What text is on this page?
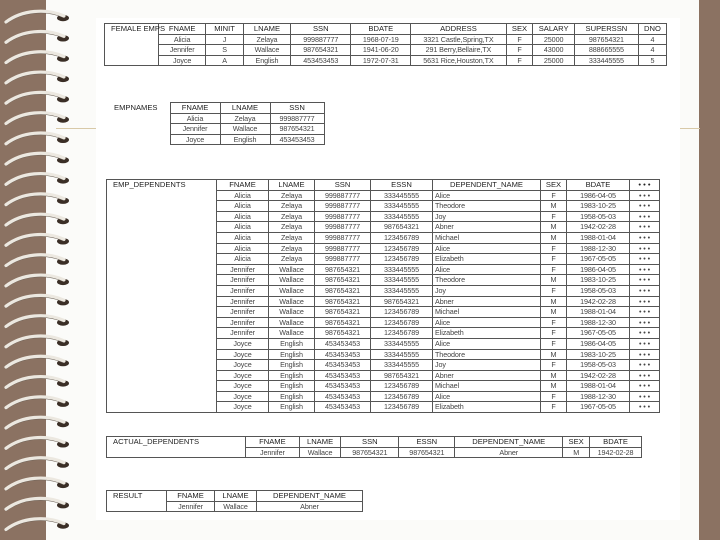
FEMALE EMPS	FNAME	MINIT	LNAME	SSN	BDATE	ADDRESS	SEX	SALARY	SUPERSSN	DNO
	Alicia	J	Zelaya	999887777	1968-07-19	3321 Castle,Spring,TX	F	25000	987654321	4
	Jennifer	S	Wallace	987654321	1941-06-20	291 Berry,Bellaire,TX	F	43000	888665555	4
	Joyce	A	English	453453453	1972-07-31	5631 Rice,Houston,TX	F	25000	333445555	5
EMPNAMES	FNAME	LNAME	SSN
	Alicia	Zelaya	999887777
	Jennifer	Wallace	987654321
	Joyce	English	453453453
EMP_DEPENDENTS	FNAME	LNAME	SSN	ESSN	DEPENDENT_NAME	SEX	BDATE	• • •
	Alicia	Zelaya	999887777	333445555	Alice	F	1986-04-05	• • •
	Alicia	Zelaya	999887777	333445555	Theodore	M	1983-10-25	• • •
	Alicia	Zelaya	999887777	333445555	Joy	F	1958-05-03	• • •
	Alicia	Zelaya	999887777	987654321	Abner	M	1942-02-28	• • •
	Alicia	Zelaya	999887777	123456789	Michael	M	1988-01-04	• • •
	Alicia	Zelaya	999887777	123456789	Alice	F	1988-12-30	• • •
	Alicia	Zelaya	999887777	123456789	Elizabeth	F	1967-05-05	• • •
	Jennifer	Wallace	987654321	333445555	Alice	F	1986-04-05	• • •
	Jennifer	Wallace	987654321	333445555	Theodore	M	1983-10-25	• • •
	Jennifer	Wallace	987654321	333445555	Joy	F	1958-05-03	• • •
	Jennifer	Wallace	987654321	987654321	Abner	M	1942-02-28	• • •
	Jennifer	Wallace	987654321	123456789	Michael	M	1988-01-04	• • •
	Jennifer	Wallace	987654321	123456789	Alice	F	1988-12-30	• • •
	Jennifer	Wallace	987654321	123456789	Elizabeth	F	1967-05-05	• • •
	Joyce	English	453453453	333445555	Alice	F	1986-04-05	• • •
	Joyce	English	453453453	333445555	Theodore	M	1983-10-25	• • •
	Joyce	English	453453453	333445555	Joy	F	1958-05-03	• • •
	Joyce	English	453453453	987654321	Abner	M	1942-02-28	• • •
	Joyce	English	453453453	123456789	Michael	M	1988-01-04	• • •
	Joyce	English	453453453	123456789	Alice	F	1988-12-30	• • •
	Joyce	English	453453453	123456789	Elizabeth	F	1967-05-05	• • •
ACTUAL_DEPENDENTS	FNAME	LNAME	SSN	ESSN	DEPENDENT_NAME	SEX	BDATE
	Jennifer	Wallace	987654321	987654321	Abner	M	1942-02-28
RESULT	FNAME	LNAME	DEPENDENT_NAME
	Jennifer	Wallace	Abner
